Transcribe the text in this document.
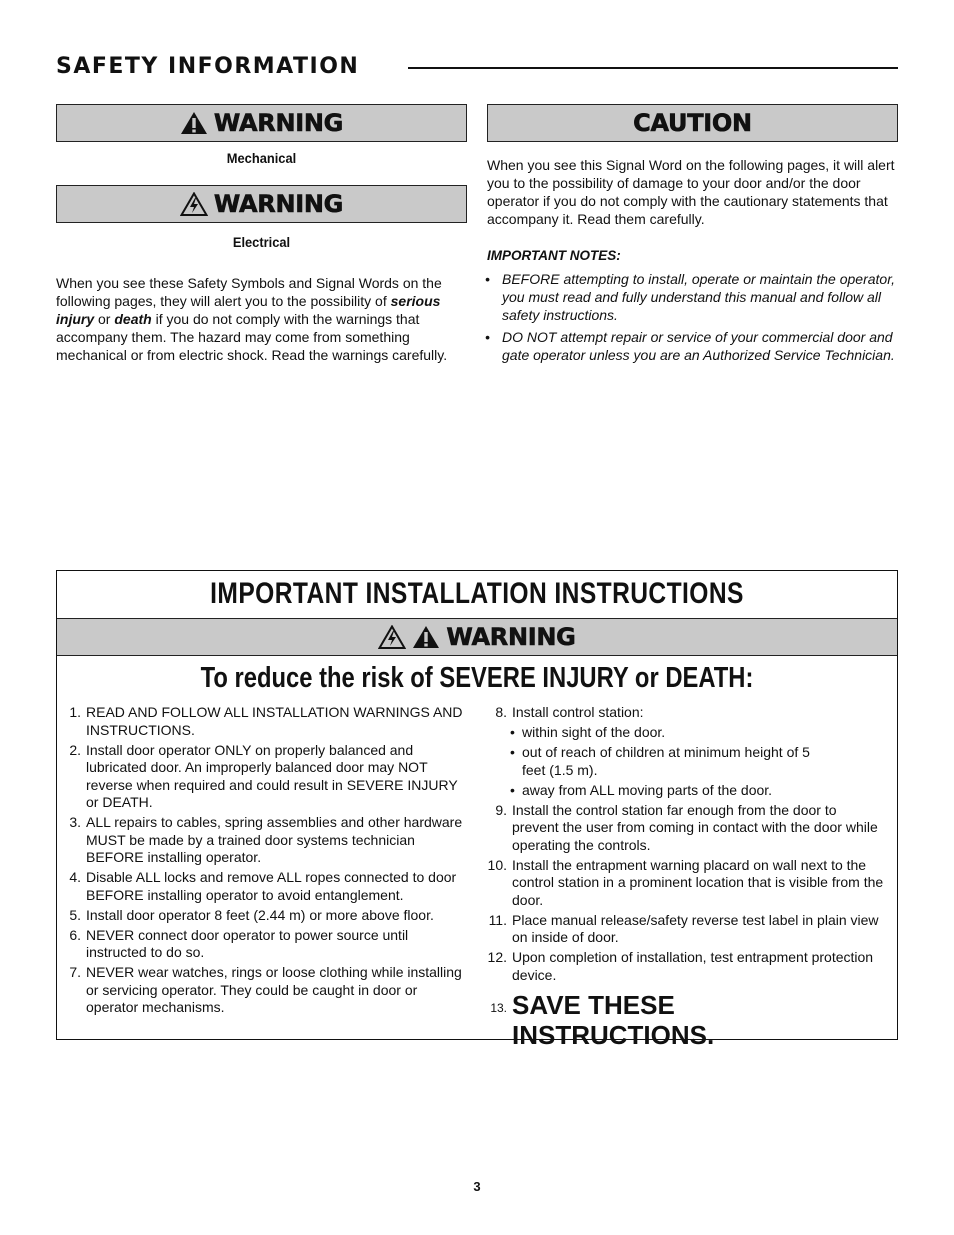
SAFETY INFORMATION
WARNING
Mechanical
WARNING
Electrical
When you see these Safety Symbols and Signal Words on the following pages, they will alert you to the possibility of serious injury or death if you do not comply with the warnings that accompany them. The hazard may come from something mechanical or from electric shock. Read the warnings carefully.
CAUTION
When you see this Signal Word on the following pages, it will alert you to the possibility of damage to your door and/or the door operator if you do not comply with the cautionary statements that accompany it. Read them carefully.
IMPORTANT NOTES:
• BEFORE attempting to install, operate or maintain the operator, you must read and fully understand this manual and follow all safety instructions.
• DO NOT attempt repair or service of your commercial door and gate operator unless you are an Authorized Service Technician.
IMPORTANT INSTALLATION INSTRUCTIONS
WARNING
To reduce the risk of SEVERE INJURY or DEATH:
1. READ AND FOLLOW ALL INSTALLATION WARNINGS AND INSTRUCTIONS.
2. Install door operator ONLY on properly balanced and lubricated door. An improperly balanced door may NOT reverse when required and could result in SEVERE INJURY or DEATH.
3. ALL repairs to cables, spring assemblies and other hardware MUST be made by a trained door systems technician BEFORE installing operator.
4. Disable ALL locks and remove ALL ropes connected to door BEFORE installing operator to avoid entanglement.
5. Install door operator 8 feet (2.44 m) or more above floor.
6. NEVER connect door operator to power source until instructed to do so.
7. NEVER wear watches, rings or loose clothing while installing or servicing operator. They could be caught in door or operator mechanisms.
8. Install control station:
• within sight of the door.
• out of reach of children at minimum height of 5 feet (1.5 m).
• away from ALL moving parts of the door.
9. Install the control station far enough from the door to prevent the user from coming in contact with the door while operating the controls.
10. Install the entrapment warning placard on wall next to the control station in a prominent location that is visible from the door.
11. Place manual release/safety reverse test label in plain view on inside of door.
12. Upon completion of installation, test entrapment protection device.
13. SAVE THESE INSTRUCTIONS.
3
